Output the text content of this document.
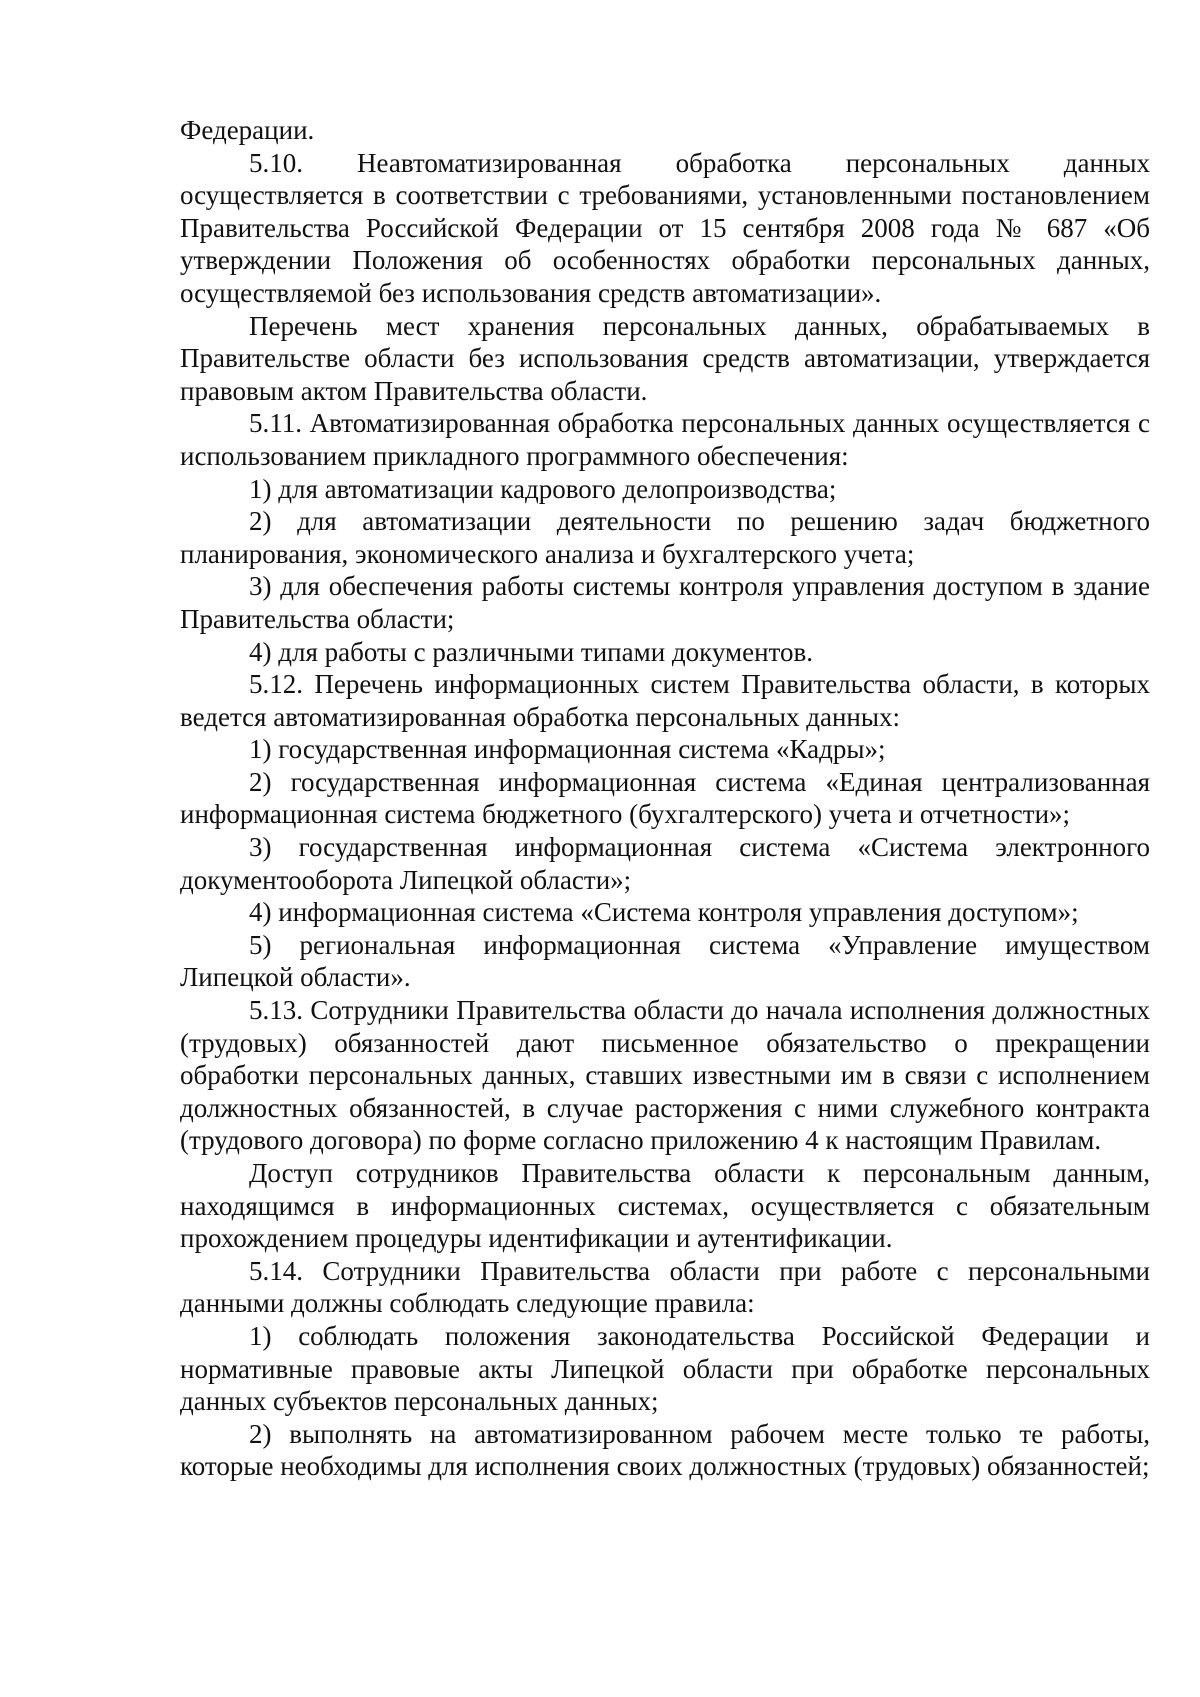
Федерации.

5.10. Неавтоматизированная обработка персональных данных осуществляется в соответствии с требованиями, установленными постановлением Правительства Российской Федерации от 15 сентября 2008 года № 687 «Об утверждении Положения об особенностях обработки персональных данных, осуществляемой без использования средств автоматизации».

Перечень мест хранения персональных данных, обрабатываемых в Правительстве области без использования средств автоматизации, утверждается правовым актом Правительства области.

5.11. Автоматизированная обработка персональных данных осуществляется с использованием прикладного программного обеспечения:

1) для автоматизации кадрового делопроизводства;

2) для автоматизации деятельности по решению задач бюджетного планирования, экономического анализа и бухгалтерского учета;

3) для обеспечения работы системы контроля управления доступом в здание Правительства области;

4) для работы с различными типами документов.

5.12. Перечень информационных систем Правительства области, в которых ведется автоматизированная обработка персональных данных:

1) государственная информационная система «Кадры»;

2) государственная информационная система «Единая централизованная информационная система бюджетного (бухгалтерского) учета и отчетности»;

3) государственная информационная система «Система электронного документооборота Липецкой области»;

4) информационная система «Система контроля управления доступом»;

5) региональная информационная система «Управление имуществом Липецкой области».

5.13. Сотрудники Правительства области до начала исполнения должностных (трудовых) обязанностей дают письменное обязательство о прекращении обработки персональных данных, ставших известными им в связи с исполнением должностных обязанностей, в случае расторжения с ними служебного контракта (трудового договора) по форме согласно приложению 4 к настоящим Правилам.

Доступ сотрудников Правительства области к персональным данным, находящимся в информационных системах, осуществляется с обязательным прохождением процедуры идентификации и аутентификации.

5.14. Сотрудники Правительства области при работе с персональными данными должны соблюдать следующие правила:

1) соблюдать положения законодательства Российской Федерации и нормативные правовые акты Липецкой области при обработке персональных данных субъектов персональных данных;

2) выполнять на автоматизированном рабочем месте только те работы, которые необходимы для исполнения своих должностных (трудовых) обязанностей;
